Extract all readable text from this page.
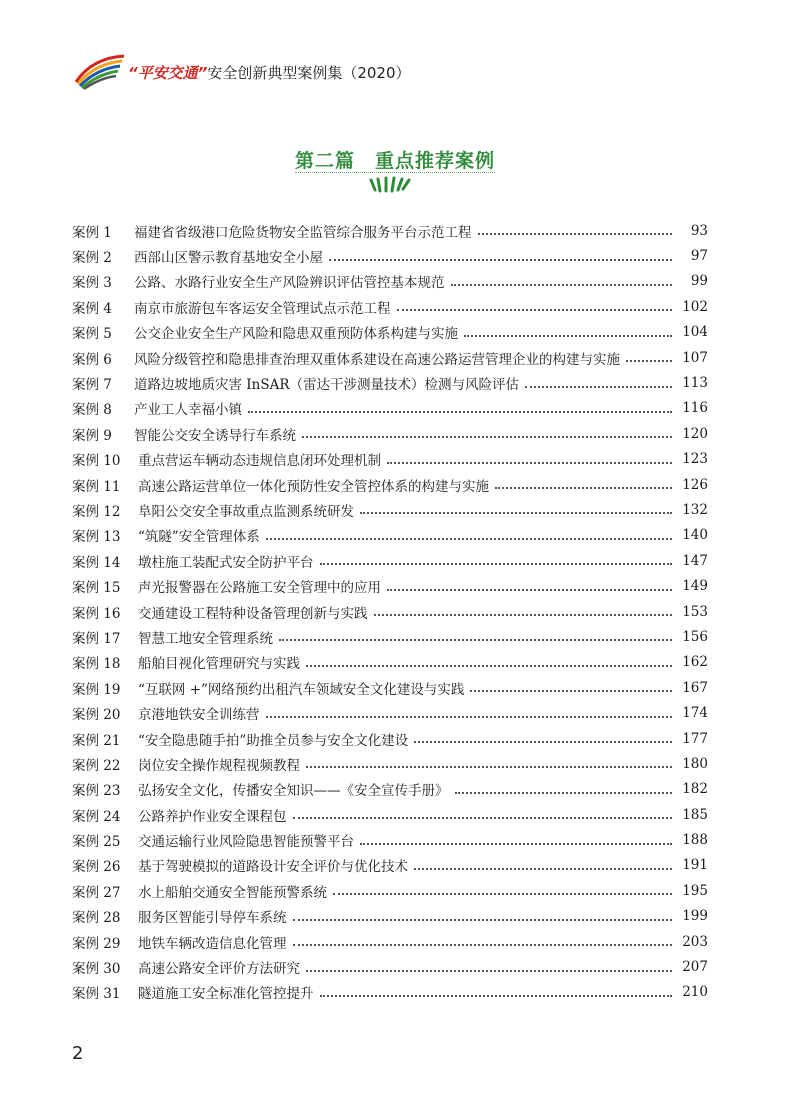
“平安交通”安全创新典型案例集（2020）
第二篇　重点推荐案例
案例 1	福建省省级港口危险货物安全监管综合服务平台示范工程	93
案例 2	西部山区警示教育基地安全小屋	97
案例 3	公路、水路行业安全生产风险辨识评估管控基本规范	99
案例 4	南京市旅游包车客运安全管理试点示范工程	102
案例 5	公交企业安全生产风险和隐患双重预防体系构建与实施	104
案例 6	风险分级管控和隐患排查治理双重体系建设在高速公路运营管理企业的构建与实施	107
案例 7	道路边坡地质灾害 InSAR（雷达干涉测量技术）检测与风险评估	113
案例 8	产业工人幸福小镇	116
案例 9	智能公交安全诱导行车系统	120
案例 10	重点营运车辆动态违规信息闭环处理机制	123
案例 11	高速公路运营单位一体化预防性安全管控体系的构建与实施	126
案例 12	阜阳公交安全事故重点监测系统研发	132
案例 13	“筑隧”安全管理体系	140
案例 14	墩柱施工装配式安全防护平台	147
案例 15	声光报警器在公路施工安全管理中的应用	149
案例 16	交通建设工程特种设备管理创新与实践	153
案例 17	智慧工地安全管理系统	156
案例 18	船舶目视化管理研究与实践	162
案例 19	“互联网 +”网络预约出租汽车领域安全文化建设与实践	167
案例 20	京港地铁安全训练营	174
案例 21	“安全隐患随手拍”助推全员参与安全文化建设	177
案例 22	岗位安全操作规程视频教程	180
案例 23	弘扬安全文化，传播安全知识——《安全宣传手册》	182
案例 24	公路养护作业安全课程包	185
案例 25	交通运输行业风险隐患智能预警平台	188
案例 26	基于驾驶模拟的道路设计安全评价与优化技术	191
案例 27	水上船舶交通安全智能预警系统	195
案例 28	服务区智能引导停车系统	199
案例 29	地铁车辆改造信息化管理	203
案例 30	高速公路安全评价方法研究	207
案例 31	隧道施工安全标准化管控提升	210
2
